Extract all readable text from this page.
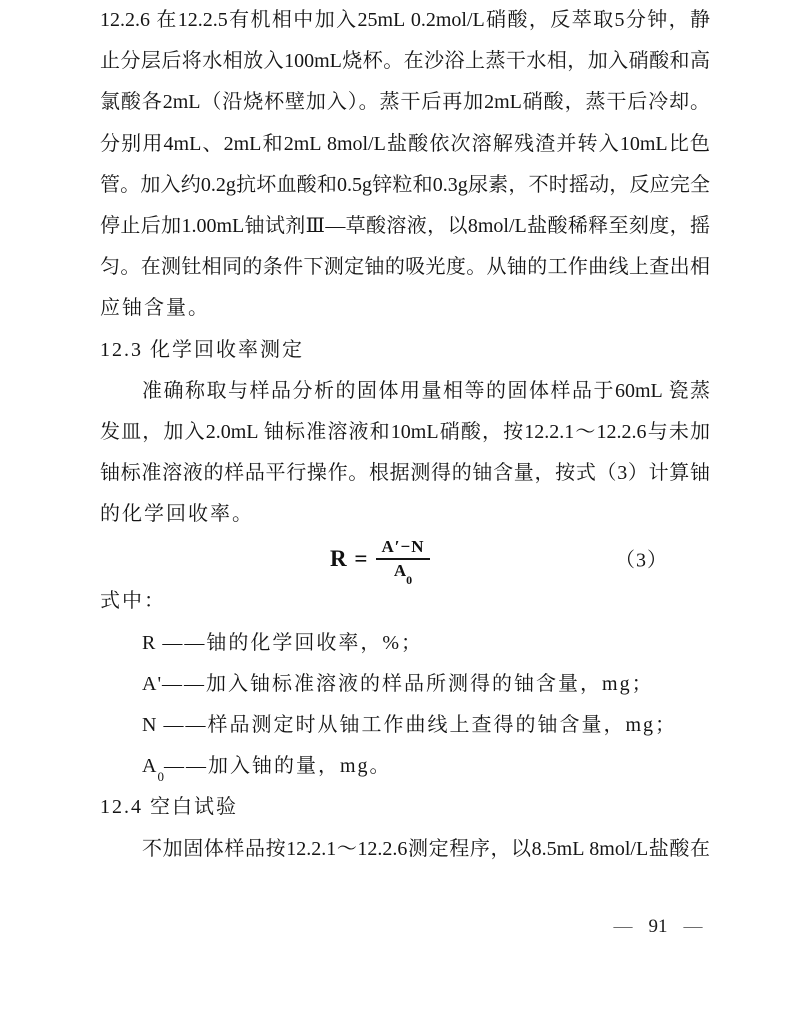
12.2.6 在12.2.5有机相中加入25mL 0.2mol/L硝酸，反萃取5分钟，静
止分层后将水相放入100mL烧杯。在沙浴上蒸干水相，加入硝酸和高
氯酸各2mL（沿烧杯壁加入）。蒸干后再加2mL硝酸，蒸干后冷却。
分别用4mL、2mL和2mL 8mol/L盐酸依次溶解残渣并转入10mL比色
管。加入约0.2g抗坏血酸和0.5g锌粒和0.3g尿素，不时摇动，反应完全
停止后加1.00mL铀试剂Ⅲ—草酸溶液，以8mol/L盐酸稀释至刻度，摇
匀。在测钍相同的条件下测定铀的吸光度。从铀的工作曲线上查出相
应铀含量。
12.3 化学回收率测定
准确称取与样品分析的固体用量相等的固体样品于60mL 瓷蒸
发皿，加入2.0mL 铀标准溶液和10mL硝酸，按12.2.1～12.2.6与未加
铀标准溶液的样品平行操作。根据测得的铀含量，按式（3）计算铀
的化学回收率。
$R = \frac{A'-N}{A_0}$	（3）
式中：
R ——铀的化学回收率，%；
A'——加入铀标准溶液的样品所测得的铀含量，mg；
N ——样品测定时从铀工作曲线上查得的铀含量，mg；
$A_0——$加入铀的量，mg。
12.4 空白试验
不加固体样品按12.2.1～12.2.6测定程序，以8.5mL 8mol/L盐酸在
— 91 —
